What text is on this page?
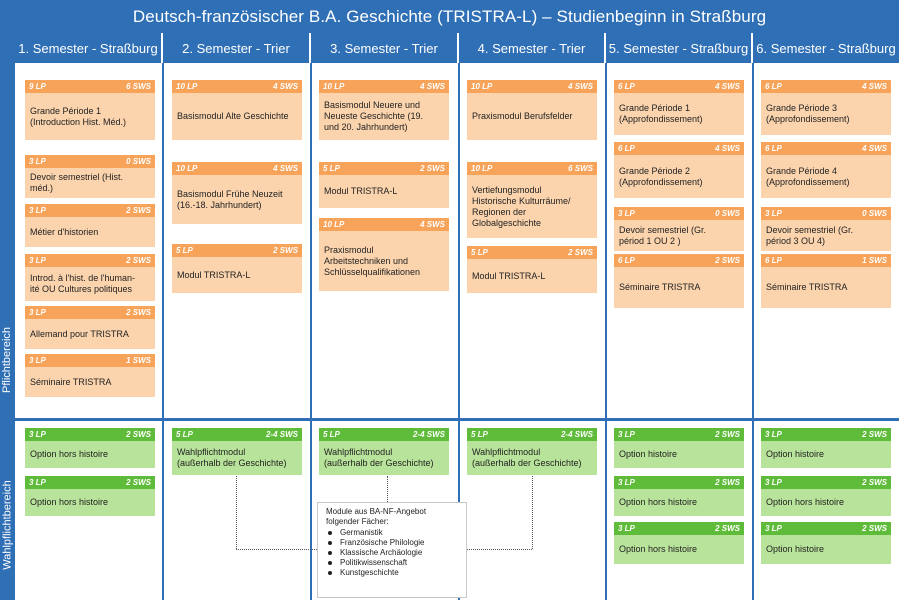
Deutsch-französischer B.A. Geschichte (TRISTRA-L) – Studienbeginn in Straßburg
Pflichtbereich
Wahlpflichtbereich
1. Semester - Straßburg
9 LP	6 SWS
Grande Période 1
(Introduction Hist. Méd.)
3 LP	0 SWS
Devoir semestriel (Hist.
méd.)
3 LP	2 SWS
Métier d'historien
3 LP	2 SWS
Introd. à l'hist. de l'human-
ité OU Cultures politiques
3 LP	2 SWS
Allemand pour TRISTRA
3 LP	1 SWS
Séminaire TRISTRA
3 LP	2 SWS
Option hors histoire
3 LP	2 SWS
Option hors histoire
2. Semester - Trier
10 LP	4 SWS
Basismodul Alte Geschichte
10 LP	4 SWS
Basismodul Frühe Neuzeit
(16.-18. Jahrhundert)
5 LP	2 SWS
Modul TRISTRA-L
5 LP	2-4 SWS
Wahlpflichtmodul
(außerhalb der Geschichte)
3. Semester - Trier
10 LP	4 SWS
Basismodul Neuere und
Neueste Geschichte (19.
und 20. Jahrhundert)
5 LP	2 SWS
Modul TRISTRA-L
10 LP	4 SWS
Praxismodul
Arbeitstechniken und
Schlüsselqualifikationen
5 LP	2-4 SWS
Wahlpflichtmodul
(außerhalb der Geschichte)
4. Semester - Trier
10 LP	4 SWS
Praxismodul Berufsfelder
10 LP	6 SWS
Vertiefungsmodul
Historische Kulturräume/
Regionen der
Globalgeschichte
5 LP	2 SWS
Modul TRISTRA-L
5 LP	2-4 SWS
Wahlpflichtmodul
(außerhalb der Geschichte)
5. Semester - Straßburg
6 LP	4 SWS
Grande Période 1
(Approfondissement)
6 LP	4 SWS
Grande Période 2
(Approfondissement)
3 LP	0 SWS
Devoir semestriel (Gr.
périod 1 OU 2 )
6 LP	2 SWS
Séminaire TRISTRA
3 LP	2 SWS
Option histoire
3 LP	2 SWS
Option hors histoire
3 LP	2 SWS
Option hors histoire
6. Semester - Straßburg
6 LP	4 SWS
Grande Période 3
(Approfondissement)
6 LP	4 SWS
Grande Période 4
(Approfondissement)
3 LP	0 SWS
Devoir semestriel (Gr.
périod 3 OU 4)
6 LP	1 SWS
Séminaire TRISTRA
3 LP	2 SWS
Option histoire
3 LP	2 SWS
Option hors histoire
3 LP	2 SWS
Option histoire
Module aus BA-NF-Angebot
folgender Fächer:
Germanistik
Französische Philologie
Klassische Archäologie
Politikwissenschaft
Kunstgeschichte
